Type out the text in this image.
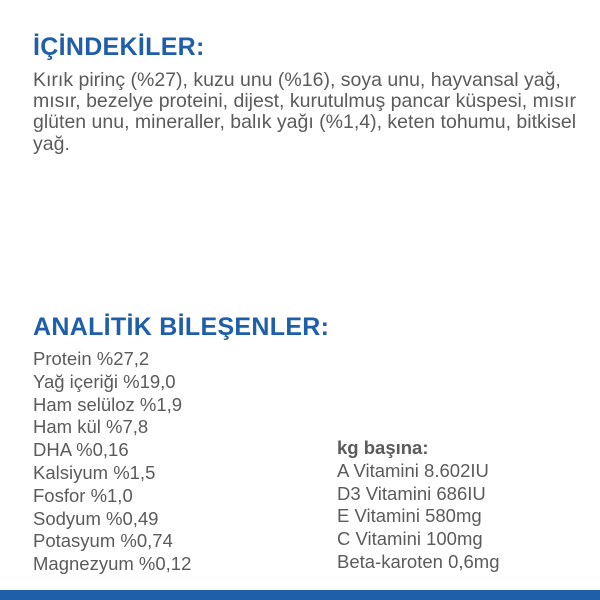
İÇİNDEKİLER:

Kırık pirinç (%27), kuzu unu (%16), soya unu, hayvansal yağ, mısır, bezelye proteini, dijest, kurutulmuş pancar küspesi, mısır glüten unu, mineraller, balık yağı (%1,4), keten tohumu, bitkisel yağ.

ANALİTİK BİLEŞENLER:
Protein %27,2
Yağ içeriği %19,0
Ham selüloz %1,9
Ham kül %7,8
DHA %0,16
Kalsiyum %1,5
Fosfor %1,0
Sodyum %0,49
Potasyum %0,74
Magnezyum %0,12

kg başına:

A Vitamini 8.602IU
D3 Vitamini 686IU
E Vitamini 580mg
C Vitamini 100mg
Beta-karoten 0,6mg
